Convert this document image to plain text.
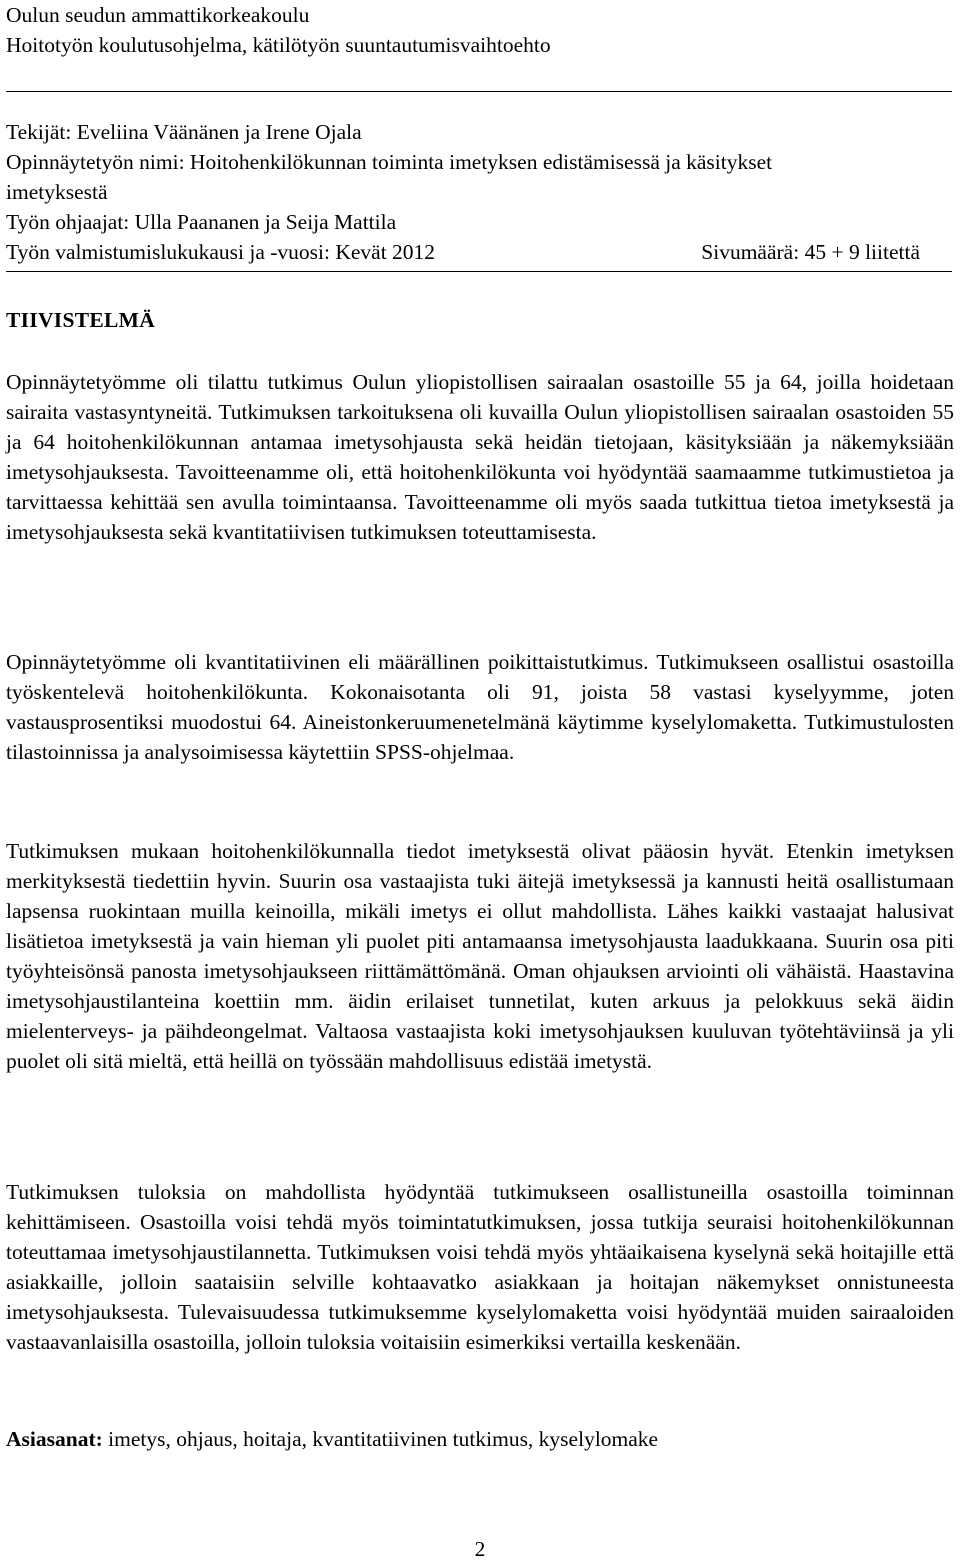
Oulun seudun ammattikorkeakoulu
Hoitotyön koulutusohjelma, kätilötyön suuntautumisvaihtoehto
Tekijät: Eveliina Väänänen ja Irene Ojala
Opinnäytetyön nimi: Hoitohenkilökunnan toiminta imetyksen edistämisessä ja käsitykset imetyksestä
Työn ohjaajat: Ulla Paananen ja Seija Mattila
Työn valmistumislukukausi ja -vuosi: Kevät 2012	Sivumäärä: 45 + 9 liitettä
TIIVISTELMÄ

Opinnäytetyömme oli tilattu tutkimus Oulun yliopistollisen sairaalan osastoille 55 ja 64, joilla hoidetaan sairaita vastasyntyneitä. Tutkimuksen tarkoituksena oli kuvailla Oulun yliopistollisen sairaalan osastoiden 55 ja 64 hoitohenkilökunnan antamaa imetysohjausta sekä heidän tietojaan, käsityksiään ja näkemyksiään imetysohjauksesta. Tavoitteenamme oli, että hoitohenkilökunta voi hyödyntää saamaamme tutkimustietoa ja tarvittaessa kehittää sen avulla toimintaansa. Tavoitteenamme oli myös saada tutkittua tietoa imetyksestä ja imetysohjauksesta sekä kvantitatiivisen tutkimuksen toteuttamisesta.

Opinnäytetyömme oli kvantitatiivinen eli määrällinen poikittaistutkimus. Tutkimukseen osallistui osastoilla työskentelevä hoitohenkilökunta. Kokonaisotanta oli 91, joista 58 vastasi kyselyymme, joten vastausprosentiksi muodostui 64. Aineistonkeruumenetelmänä käytimme kyselylomaketta. Tutkimustulosten tilastoinnissa ja analysoimisessa käytettiin SPSS-ohjelmaa.

Tutkimuksen mukaan hoitohenkilökunnalla tiedot imetyksestä olivat pääosin hyvät. Etenkin imetyksen merkityksestä tiedettiin hyvin. Suurin osa vastaajista tuki äitejä imetyksessä ja kannusti heitä osallistumaan lapsensa ruokintaan muilla keinoilla, mikäli imetys ei ollut mahdollista. Lähes kaikki vastaajat halusivat lisätietoa imetyksestä ja vain hieman yli puolet piti antamaansa imetysohjausta laadukkaana. Suurin osa piti työyhteisönsä panosta imetysohjaukseen riittämättömänä. Oman ohjauksen arviointi oli vähäistä. Haastavina imetysohjaustilanteina koettiin mm. äidin erilaiset tunnetilat, kuten arkuus ja pelokkuus sekä äidin mielenterveys- ja päihdeongelmat. Valtaosa vastaajista koki imetysohjauksen kuuluvan työtehtäviinsä ja yli puolet oli sitä mieltä, että heillä on työssään mahdollisuus edistää imetystä.

Tutkimuksen tuloksia on mahdollista hyödyntää tutkimukseen osallistuneilla osastoilla toiminnan kehittämiseen. Osastoilla voisi tehdä myös toimintatutkimuksen, jossa tutkija seuraisi hoitohenkilökunnan toteuttamaa imetysohjaustilannetta. Tutkimuksen voisi tehdä myös yhtäaikaisena kyselynä sekä hoitajille että asiakkaille, jolloin saataisiin selville kohtaavatko asiakkaan ja hoitajan näkemykset onnistuneesta imetysohjauksesta. Tulevaisuudessa tutkimuksemme kyselylomaketta voisi hyödyntää muiden sairaaloiden vastaavanlaisilla osastoilla, jolloin tuloksia voitaisiin esimerkiksi vertailla keskenään.

Asiasanat: imetys, ohjaus, hoitaja, kvantitatiivinen tutkimus, kyselylomake
2
